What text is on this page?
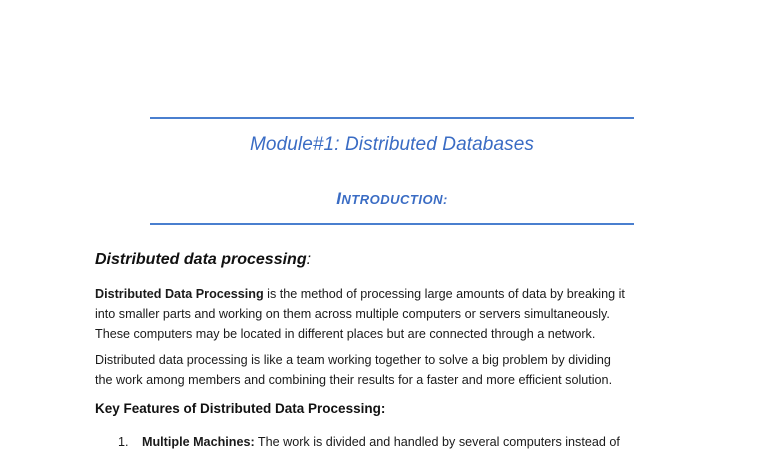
Module#1: Distributed Databases
INTRODUCTION:
Distributed data processing:
Distributed Data Processing is the method of processing large amounts of data by breaking it
into smaller parts and working on them across multiple computers or servers simultaneously.
These computers may be located in different places but are connected through a network.
Distributed data processing is like a team working together to solve a big problem by dividing
the work among members and combining their results for a faster and more efficient solution.
Key Features of Distributed Data Processing:
1. Multiple Machines: The work is divided and handled by several computers instead of
